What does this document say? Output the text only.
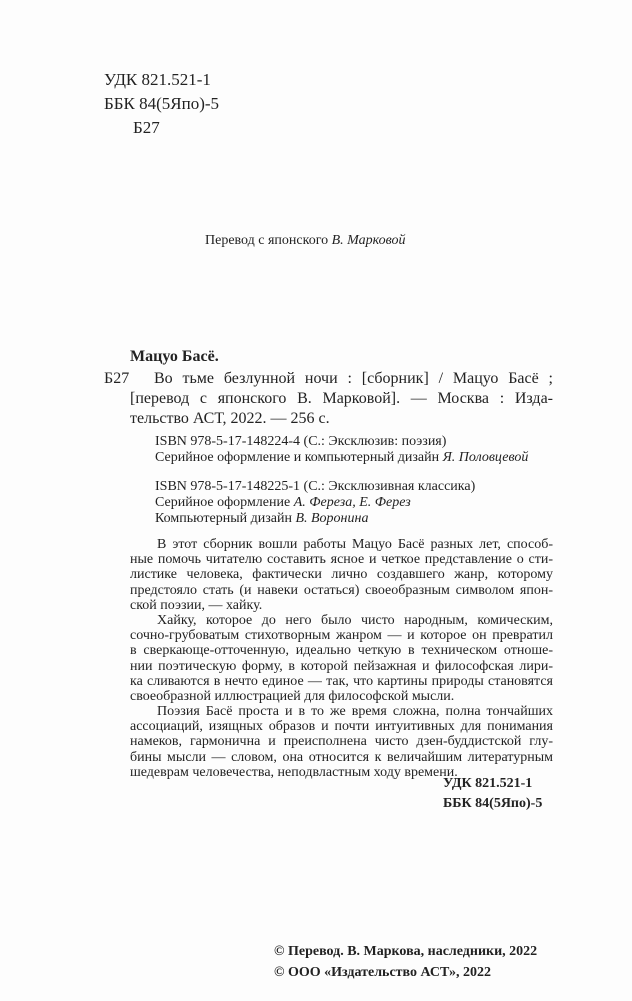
УДК 821.521-1
ББК 84(5Япо)-5
Б27
Перевод с японского В. Марковой
Мацуо Басё.
Б27 Во тьме безлунной ночи : [сборник] / Мацуо Басё ;
[перевод с японского В. Марковой]. — Москва : Изда-
тельство АСТ, 2022. — 256 с.
ISBN 978-5-17-148224-4 (С.: Эксклюзив: поэзия)
Серийное оформление и компьютерный дизайн Я. Половцевой
ISBN 978-5-17-148225-1 (С.: Эксклюзивная классика)
Серийное оформление А. Фереза, Е. Ферез
Компьютерный дизайн В. Воронина
В этот сборник вошли работы Мацуо Басё разных лет, способ-
ные помочь читателю составить ясное и четкое представление о сти-
листике человека, фактически лично создавшего жанр, которому
предстояло стать (и навеки остаться) своеобразным символом япон-
ской поэзии, — хайку.
Хайку, которое до него было чисто народным, комическим,
сочно-грубоватым стихотворным жанром — и которое он превратил
в сверкающе-отточенную, идеально четкую в техническом отноше-
нии поэтическую форму, в которой пейзажная и философская лири-
ка сливаются в нечто единое — так, что картины природы становятся
своеобразной иллюстрацией для философской мысли.
Поэзия Басё проста и в то же время сложна, полна тончайших
ассоциаций, изящных образов и почти интуитивных для понимания
намеков, гармонична и преисполнена чисто дзен-буддистской глу-
бины мысли — словом, она относится к величайшим литературным
шедеврам человечества, неподвластным ходу времени.
УДК 821.521-1
ББК 84(5Япо)-5
© Перевод. В. Маркова, наследники, 2022
© ООО «Издательство АСТ», 2022
